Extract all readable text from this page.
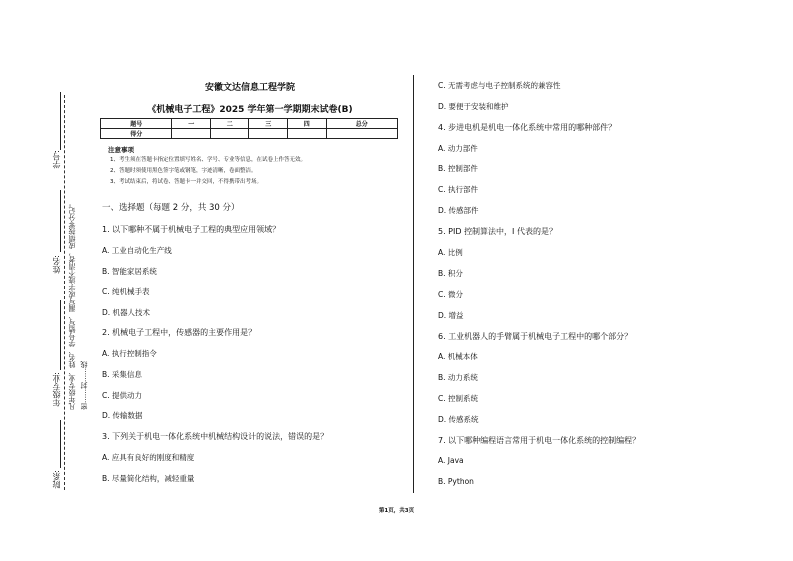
学号:
姓名:
年级专业:
院系:
凡年级专业、姓名、学号错写、漏写或字迹不清者，成绩按零分记。 密……封……线
安徽文达信息工程学院
《机械电子工程》2025 学年第一学期期末试卷(B)
题号	一	二	三	四	总分
得分					
注意事项
1、考生须在答题卡指定位置填写姓名、学号、专业等信息，在试卷上作答无效。
2、答题时须使用黑色签字笔或钢笔，字迹清晰，卷面整洁。
3、考试结束后，将试卷、答题卡一并交回，不得携带出考场。
一、选择题（每题 2 分，共 30 分）
1. 以下哪种不属于机械电子工程的典型应用领域？
A. 工业自动化生产线
B. 智能家居系统
C. 纯机械手表
D. 机器人技术
2. 机械电子工程中，传感器的主要作用是？
A. 执行控制指令
B. 采集信息
C. 提供动力
D. 传输数据
3. 下列关于机电一体化系统中机械结构设计的说法，错误的是？
A. 应具有良好的刚度和精度
B. 尽量简化结构，减轻重量
C. 无需考虑与电子控制系统的兼容性
D. 要便于安装和维护
4. 步进电机是机电一体化系统中常用的哪种部件？
A. 动力部件
B. 控制部件
C. 执行部件
D. 传感部件
5. PID 控制算法中，I 代表的是？
A. 比例
B. 积分
C. 微分
D. 增益
6. 工业机器人的手臂属于机械电子工程中的哪个部分？
A. 机械本体
B. 动力系统
C. 控制系统
D. 传感系统
7. 以下哪种编程语言常用于机电一体化系统的控制编程？
A. Java
B. Python
第1页，共3页
